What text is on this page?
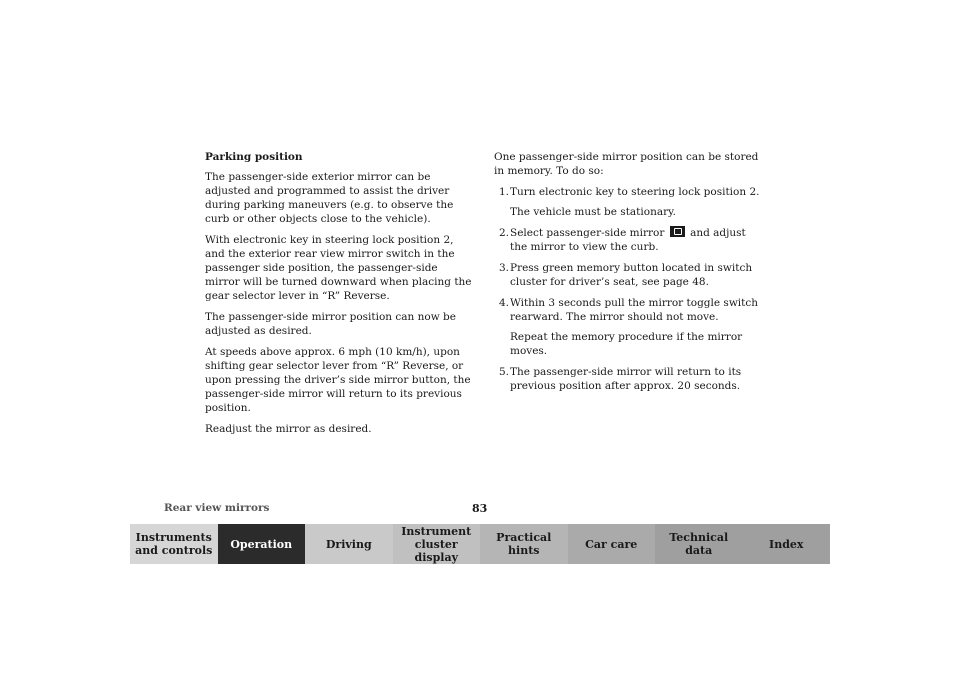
Parking position

The passenger-side exterior mirror can be adjusted and programmed to assist the driver during parking maneuvers (e.g. to observe the curb or other objects close to the vehicle).

With electronic key in steering lock position 2, and the exterior rear view mirror switch in the passenger side position, the passenger-side mirror will be turned downward when placing the gear selector lever in “R” Reverse.

The passenger-side mirror position can now be adjusted as desired.

At speeds above approx. 6 mph (10 km/h), upon shifting gear selector lever from “R” Reverse, or upon pressing the driver’s side mirror button, the passenger-side mirror will return to its previous position.

Readjust the mirror as desired.

One passenger-side mirror position can be stored in memory. To do so:

1. Turn electronic key to steering lock position 2.
The vehicle must be stationary.
2. Select passenger-side mirror and adjust the mirror to view the curb.
3. Press green memory button located in switch cluster for driver’s seat, see page 48.
4. Within 3 seconds pull the mirror toggle switch rearward. The mirror should not move.
Repeat the memory procedure if the mirror moves.
5. The passenger-side mirror will return to its previous position after approx. 20 seconds.
Rear view mirrors	83
Instruments
and controls Operation	Driving
Instrument
cluster display
Practical hints	Car care	Technical
data	Index
